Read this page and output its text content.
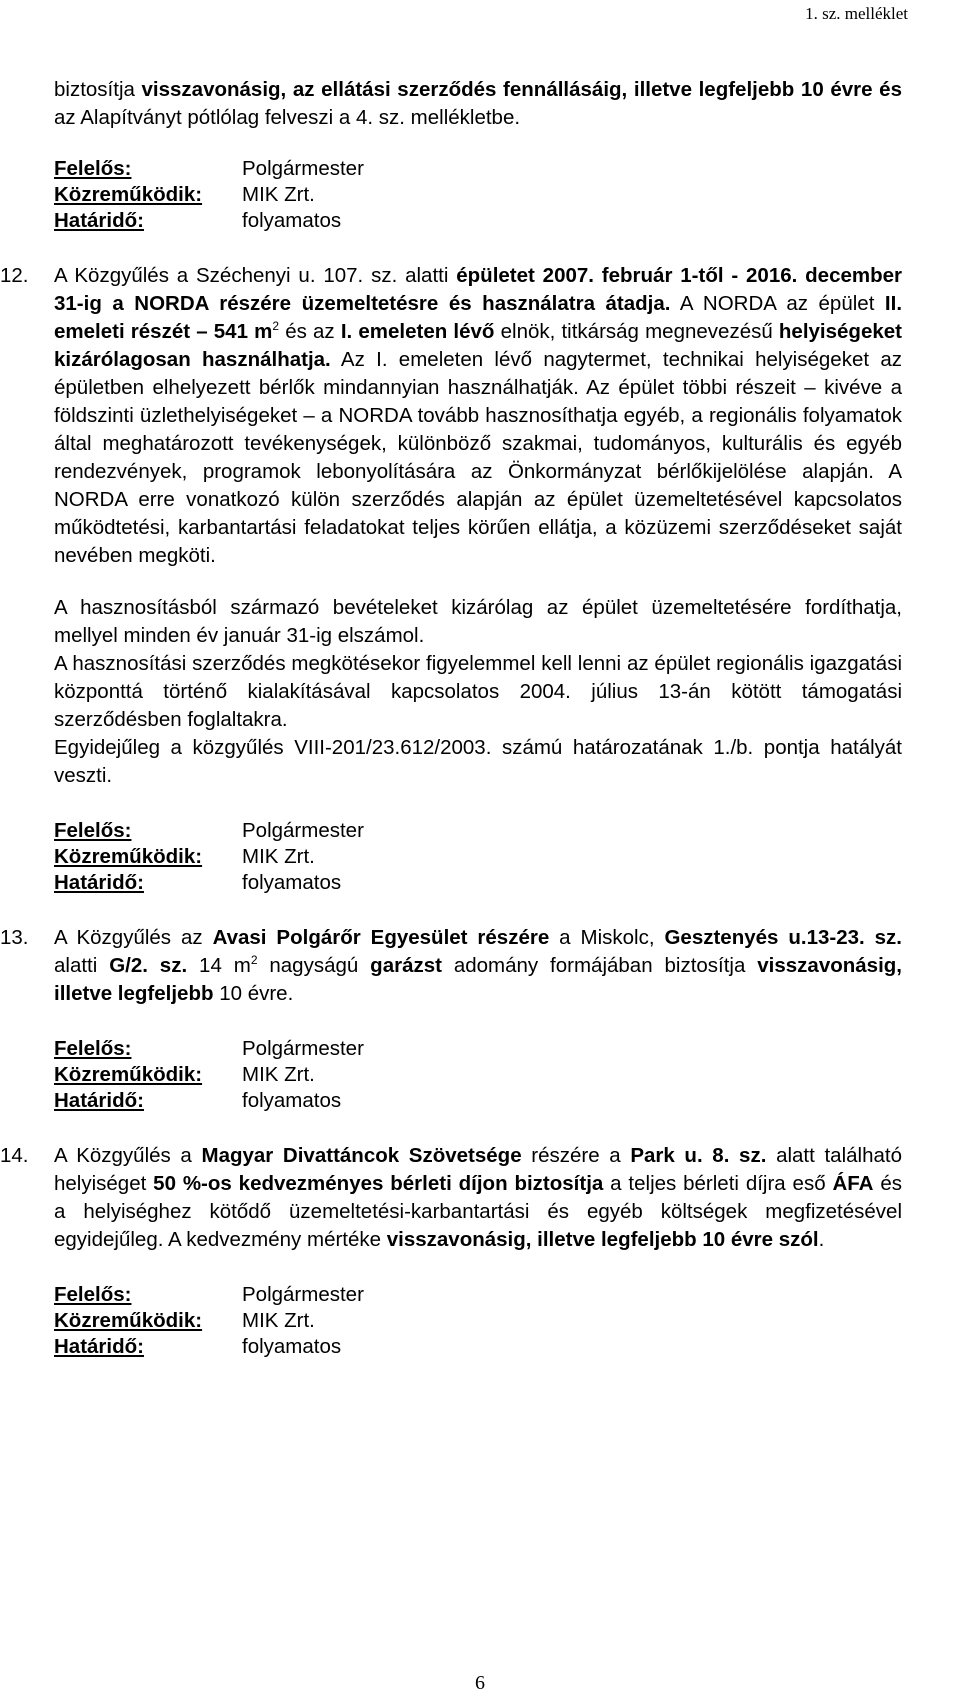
1. sz. melléklet

biztosítja visszavonásig, az ellátási szerződés fennállásáig, illetve legfeljebb 10 évre és az Alapítványt pótlólag felveszi a 4. sz. mellékletbe.

Felelős:	Polgármester
Közreműködik:	MIK Zrt.
Határidő:	folyamatos
12. A Közgyűlés a Széchenyi u. 107. sz. alatti épületet 2007. február 1-től - 2016. december 31-ig a NORDA részére üzemeltetésre és használatra átadja. A NORDA az épület II. emeleti részét – 541 $m^2$ és az I. emeleten lévő elnök, titkárság megnevezésű helyiségeket kizárólagosan használhatja. Az I. emeleten lévő nagytermet, technikai helyiségeket az épületben elhelyezett bérlők mindannyian használhatják. Az épület többi részeit – kivéve a földszinti üzlethelyiségeket – a NORDA tovább hasznosíthatja egyéb, a regionális folyamatok által meghatározott tevékenységek, különböző szakmai, tudományos, kulturális és egyéb rendezvények, programok lebonyolítására az Önkormányzat bérlőkijelölése alapján. A NORDA erre vonatkozó külön szerződés alapján az épület üzemeltetésével kapcsolatos működtetési, karbantartási feladatokat teljes körűen ellátja, a közüzemi szerződéseket saját nevében megköti.

A hasznosításból származó bevételeket kizárólag az épület üzemeltetésére fordíthatja, mellyel minden év január 31-ig elszámol.

A hasznosítási szerződés megkötésekor figyelemmel kell lenni az épület regionális igazgatási központtá történő kialakításával kapcsolatos 2004. július 13-án kötött támogatási szerződésben foglaltakra.

Egyidejűleg a közgyűlés VIII-201/23.612/2003. számú határozatának 1./b. pontja hatályát veszti.

Felelős:	Polgármester
Közreműködik:	MIK Zrt.
Határidő:	folyamatos
13. A Közgyűlés az Avasi Polgárőr Egyesület részére a Miskolc, Gesztenyés u.13-23. sz. alatti G/2. sz. 14 $m^2$ nagyságú garázst adomány formájában biztosítja visszavonásig, illetve legfeljebb 10 évre.

Felelős:	Polgármester
Közreműködik:	MIK Zrt.
Határidő:	folyamatos
14. A Közgyűlés a Magyar Divattáncok Szövetsége részére a Park u. 8. sz. alatt található helyiséget 50 %-os kedvezményes bérleti díjon biztosítja a teljes bérleti díjra eső ÁFA és a helyiséghez kötődő üzemeltetési-karbantartási és egyéb költségek megfizetésével egyidejűleg. A kedvezmény mértéke visszavonásig, illetve legfeljebb 10 évre szól.

Felelős:	Polgármester
Közreműködik:	MIK Zrt.
Határidő:	folyamatos
6
